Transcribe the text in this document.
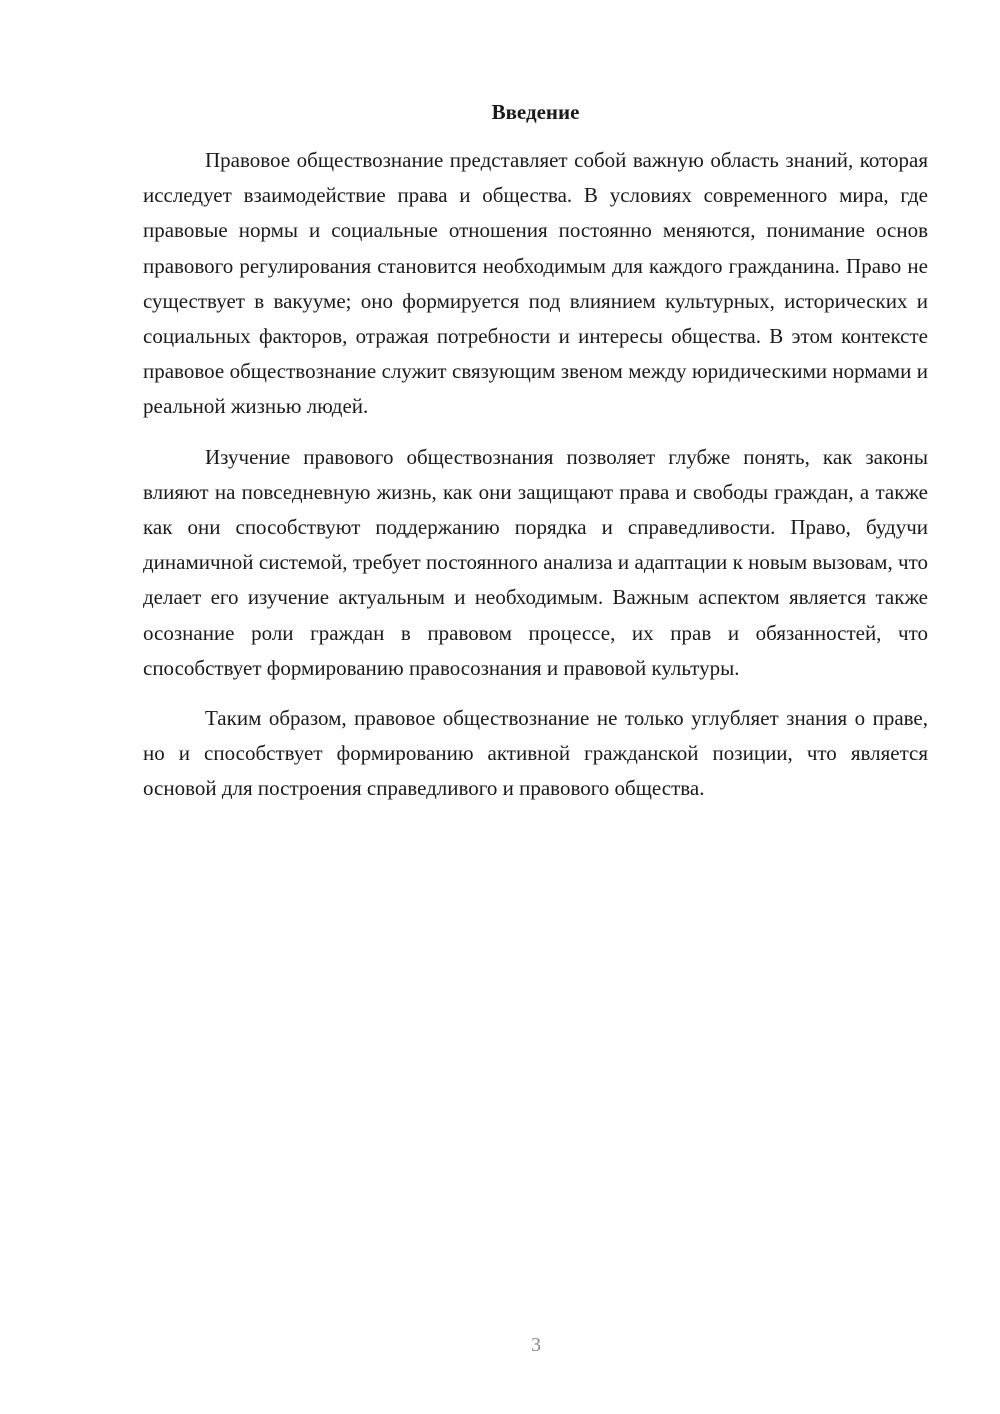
Введение

Правовое обществознание представляет собой важную область знаний, которая исследует взаимодействие права и общества. В условиях современного мира, где правовые нормы и социальные отношения постоянно меняются, понимание основ правового регулирования становится необходимым для каждого гражданина. Право не существует в вакууме; оно формируется под влиянием культурных, исторических и социальных факторов, отражая потребности и интересы общества. В этом контексте правовое обществознание служит связующим звеном между юридическими нормами и реальной жизнью людей.

Изучение правового обществознания позволяет глубже понять, как законы влияют на повседневную жизнь, как они защищают права и свободы граждан, а также как они способствуют поддержанию порядка и справедливости. Право, будучи динамичной системой, требует постоянного анализа и адаптации к новым вызовам, что делает его изучение актуальным и необходимым. Важным аспектом является также осознание роли граждан в правовом процессе, их прав и обязанностей, что способствует формированию правосознания и правовой культуры.

Таким образом, правовое обществознание не только углубляет знания о праве, но и способствует формированию активной гражданской позиции, что является основой для построения справедливого и правового общества.

3
